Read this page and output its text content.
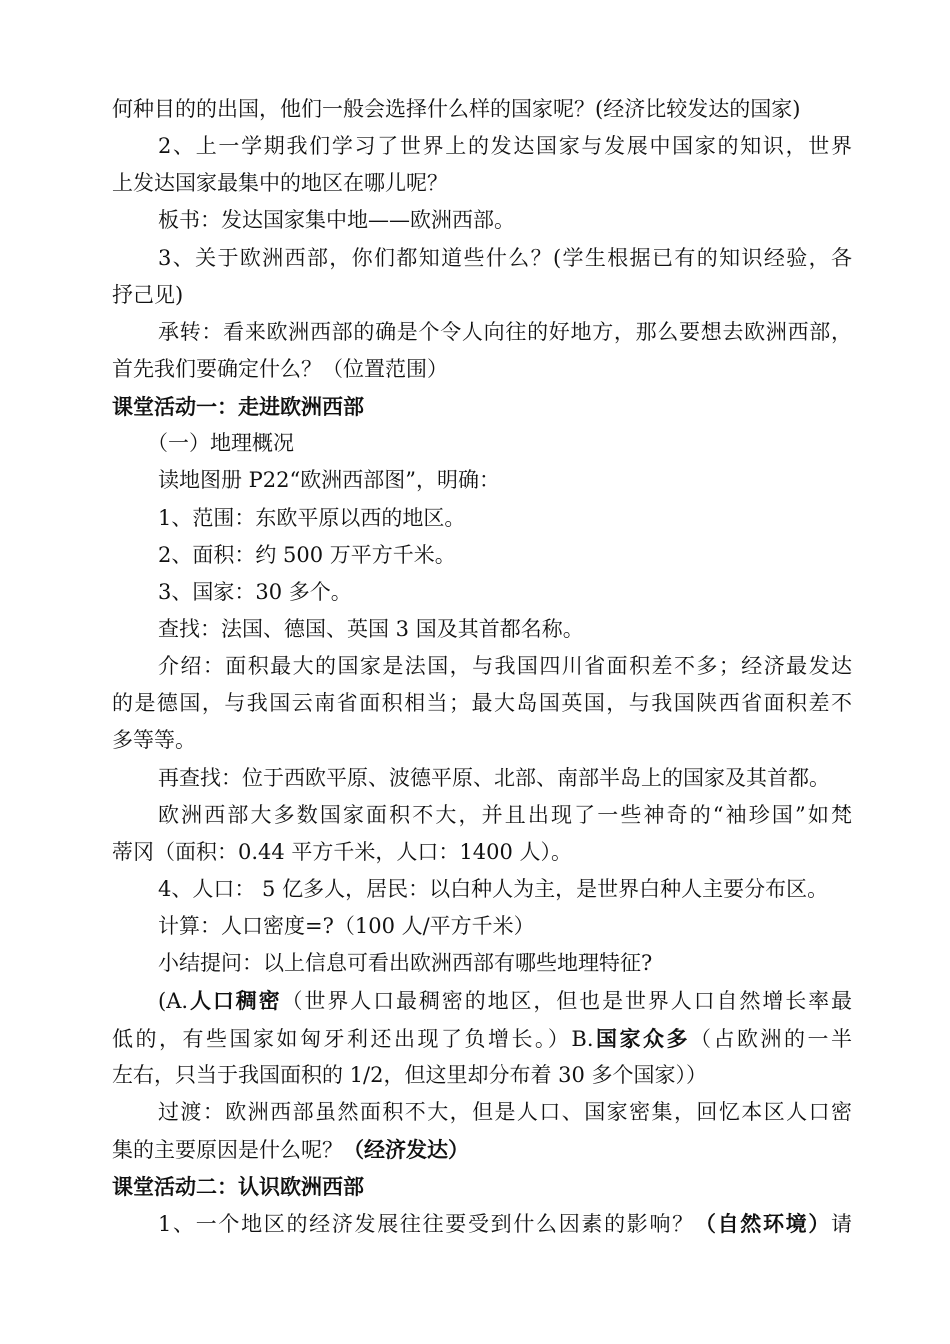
何种目的的出国，他们一般会选择什么样的国家呢？(经济比较发达的国家)
2、上一学期我们学习了世界上的发达国家与发展中国家的知识，世界
上发达国家最集中的地区在哪儿呢？
板书：发达国家集中地——欧洲西部。
3、关于欧洲西部，你们都知道些什么？(学生根据已有的知识经验，各
抒己见)
承转：看来欧洲西部的确是个令人向往的好地方，那么要想去欧洲西部，
首先我们要确定什么？（位置范围）
课堂活动一：走进欧洲西部
（一）地理概况
读地图册 P22“欧洲西部图”，明确：
1、范围：东欧平原以西的地区。
2、面积：约 500 万平方千米。
3、国家：30 多个。
查找：法国、德国、英国 3 国及其首都名称。
介绍：面积最大的国家是法国，与我国四川省面积差不多；经济最发达
的是德国，与我国云南省面积相当；最大岛国英国，与我国陕西省面积差不
多等等。
再查找：位于西欧平原、波德平原、北部、南部半岛上的国家及其首都。
欧洲西部大多数国家面积不大，并且出现了一些神奇的“袖珍国”如梵
蒂冈（面积：0.44 平方千米，人口：1400 人）。
4、人口： 5 亿多人，居民：以白种人为主，是世界白种人主要分布区。
计算：人口密度=?（100 人/平方千米）
小结提问：以上信息可看出欧洲西部有哪些地理特征?
(A.人口稠密（世界人口最稠密的地区，但也是世界人口自然增长率最
低的，有些国家如匈牙利还出现了负增长。）B.国家众多（占欧洲的一半
左右，只当于我国面积的 1/2，但这里却分布着 30 多个国家））
过渡：欧洲西部虽然面积不大，但是人口、国家密集，回忆本区人口密
集的主要原因是什么呢？（经济发达）
课堂活动二：认识欧洲西部
1、一个地区的经济发展往往要受到什么因素的影响？（自然环境）请
